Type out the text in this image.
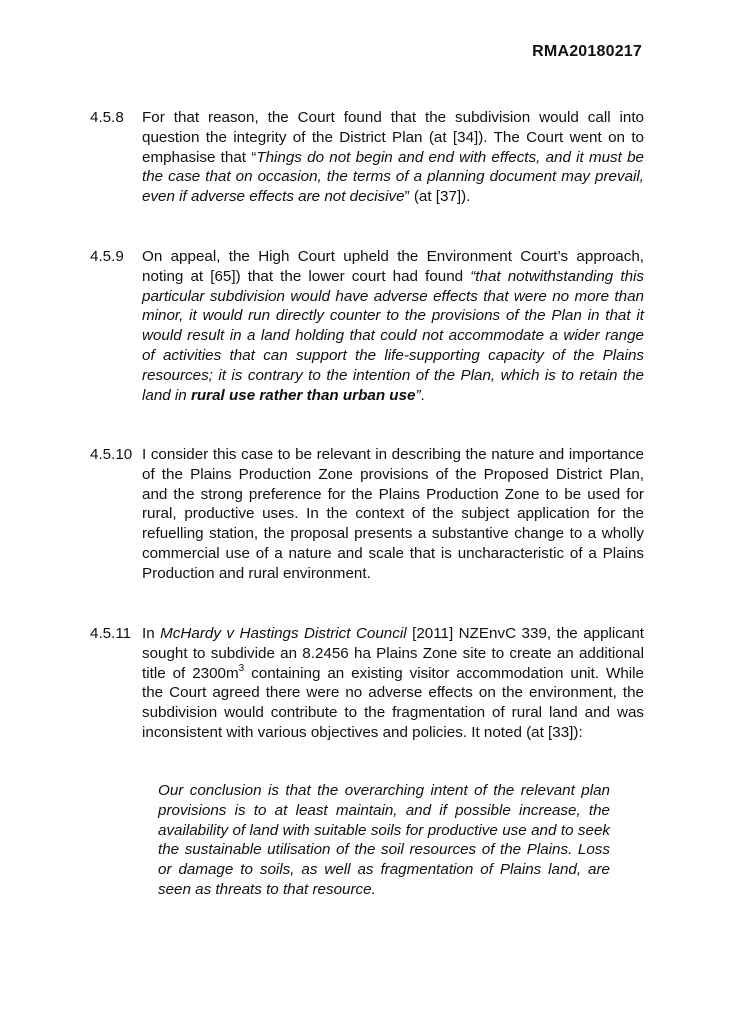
RMA20180217
4.5.8	For that reason, the Court found that the subdivision would call into question the integrity of the District Plan (at [34]). The Court went on to emphasise that “Things do not begin and end with effects, and it must be the case that on occasion, the terms of a planning document may prevail, even if adverse effects are not decisive” (at [37]).
4.5.9	On appeal, the High Court upheld the Environment Court’s approach, noting at [65]) that the lower court had found “that notwithstanding this particular subdivision would have adverse effects that were no more than minor, it would run directly counter to the provisions of the Plan in that it would result in a land holding that could not accommodate a wider range of activities that can support the life-supporting capacity of the Plains resources; it is contrary to the intention of the Plan, which is to retain the land in rural use rather than urban use”.
4.5.10 I consider this case to be relevant in describing the nature and importance of the Plains Production Zone provisions of the Proposed District Plan, and the strong preference for the Plains Production Zone to be used for rural, productive uses. In the context of the subject application for the refuelling station, the proposal presents a substantive change to a wholly commercial use of a nature and scale that is uncharacteristic of a Plains Production and rural environment.
4.5.11 In McHardy v Hastings District Council [2011] NZEnvC 339, the applicant sought to subdivide an 8.2456 ha Plains Zone site to create an additional title of $2300m^3$ containing an existing visitor accommodation unit. While the Court agreed there were no adverse effects on the environment, the subdivision would contribute to the fragmentation of rural land and was inconsistent with various objectives and policies. It noted (at [33]):
Our conclusion is that the overarching intent of the relevant plan provisions is to at least maintain, and if possible increase, the availability of land with suitable soils for productive use and to seek the sustainable utilisation of the soil resources of the Plains. Loss or damage to soils, as well as fragmentation of Plains land, are seen as threats to that resource.
